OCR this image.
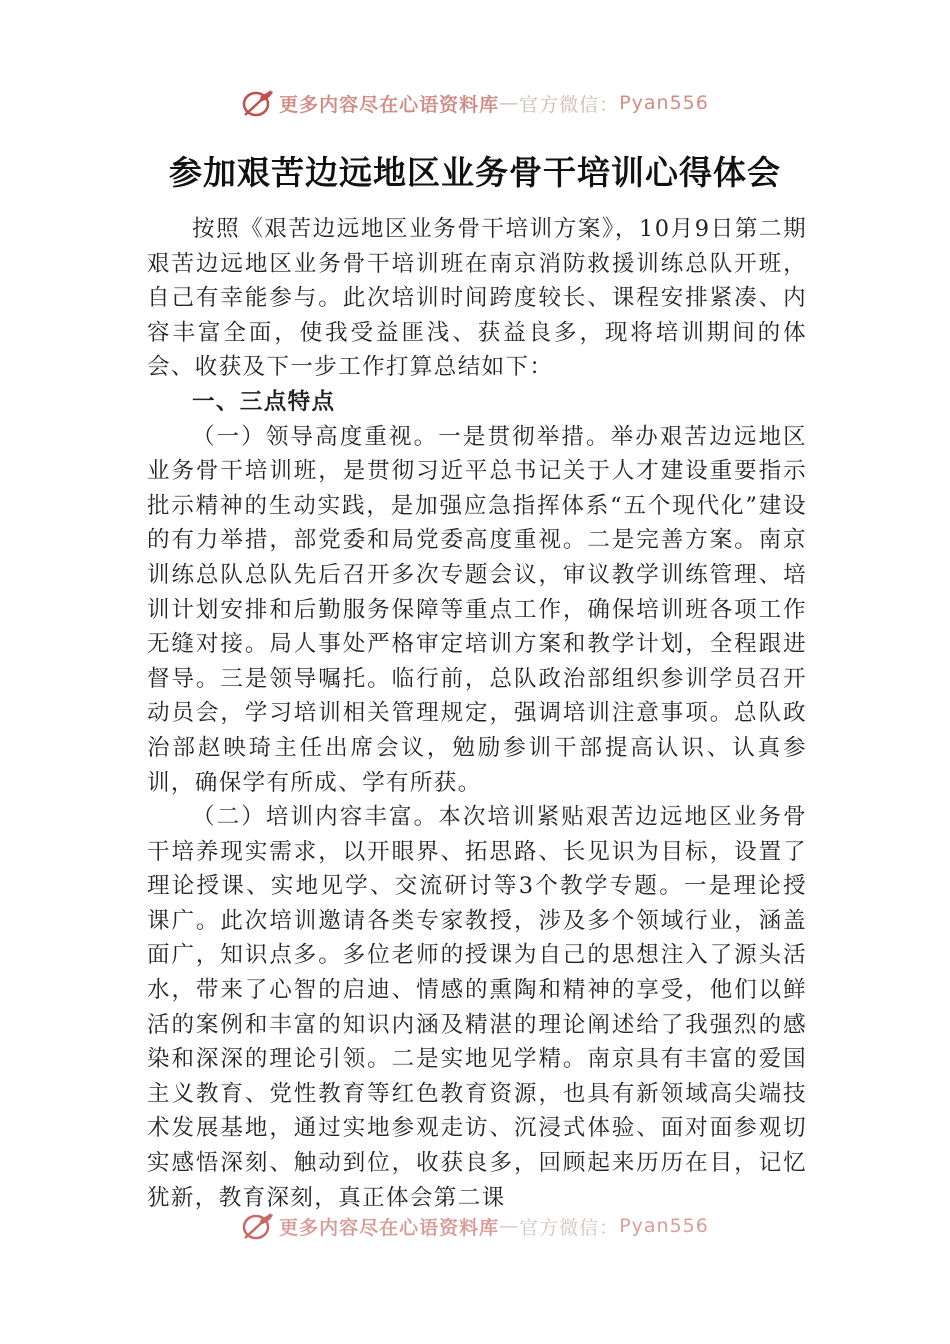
更多内容尽在心语资料库 — 官方微信： Pyan556
参加艰苦边远地区业务骨干培训心得体会

按照《艰苦边远地区业务骨干培训方案》，10月9日第二期艰苦边远地区业务骨干培训班在南京消防救援训练总队开班，自己有幸能参与。此次培训时间跨度较长、课程安排紧凑、内容丰富全面，使我受益匪浅、获益良多，现将培训期间的体会、收获及下一步工作打算总结如下：

一、三点特点

（一）领导高度重视。一是贯彻举措。举办艰苦边远地区业务骨干培训班，是贯彻习近平总书记关于人才建设重要指示批示精神的生动实践，是加强应急指挥体系“五个现代化”建设的有力举措，部党委和局党委高度重视。二是完善方案。南京训练总队总队先后召开多次专题会议，审议教学训练管理、培训计划安排和后勤服务保障等重点工作，确保培训班各项工作无缝对接。局人事处严格审定培训方案和教学计划，全程跟进督导。三是领导嘱托。临行前，总队政治部组织参训学员召开动员会，学习培训相关管理规定，强调培训注意事项。总队政治部赵映琦主任出席会议，勉励参训干部提高认识、认真参训，确保学有所成、学有所获。

（二）培训内容丰富。本次培训紧贴艰苦边远地区业务骨干培养现实需求，以开眼界、拓思路、长见识为目标，设置了理论授课、实地见学、交流研讨等3个教学专题。一是理论授课广。此次培训邀请各类专家教授，涉及多个领域行业，涵盖面广，知识点多。多位老师的授课为自己的思想注入了源头活水，带来了心智的启迪、情感的熏陶和精神的享受，他们以鲜活的案例和丰富的知识内涵及精湛的理论阐述给了我强烈的感染和深深的理论引领。二是实地见学精。南京具有丰富的爱国主义教育、党性教育等红色教育资源，也具有新领域高尖端技术发展基地，通过实地参观走访、沉浸式体验、面对面参观切实感悟深刻、触动到位，收获良多，回顾起来历历在目，记忆犹新，教育深刻，真正体会第二课

更多内容尽在心语资料库 — 官方微信： Pyan556
